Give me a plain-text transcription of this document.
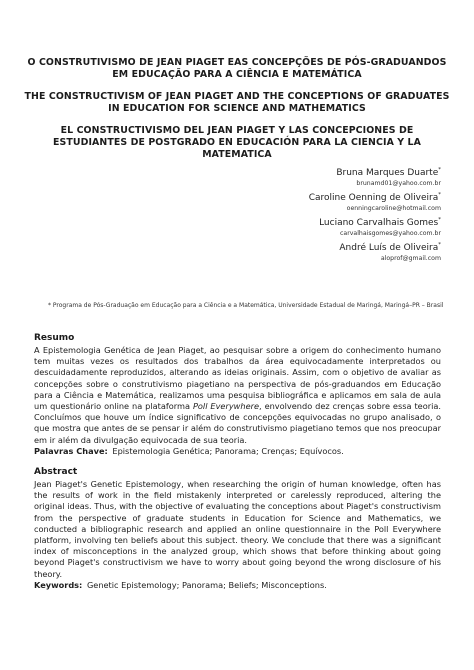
O CONSTRUTIVISMO DE JEAN PIAGET EAS CONCEPÇÕES DE PÓS-GRADUANDOS EM EDUCAÇÃO PARA A CIÊNCIA E MATEMÁTICA
THE CONSTRUCTIVISM OF JEAN PIAGET AND THE CONCEPTIONS OF GRADUATES IN EDUCATION FOR SCIENCE AND MATHEMATICS
EL CONSTRUCTIVISMO DEL JEAN PIAGET Y LAS CONCEPCIONES DE ESTUDIANTES DE POSTGRADO EN EDUCACIÓN PARA LA CIENCIA Y LA MATEMATICA
Bruna Marques Duarte*
brunamd01@yahoo.com.br
Caroline Oenning de Oliveira*
oenningcaroline@hotmail.com
Luciano Carvalhais Gomes*
carvalhaisgomes@yahoo.com.br
André Luís de Oliveira*
aloprof@gmail.com
* Programa de Pós-Graduação em Educação para a Ciência e a Matemática, Universidade Estadual de Maringá, Maringá–PR – Brasil
Resumo
A Epistemologia Genética de Jean Piaget, ao pesquisar sobre a origem do conhecimento humano tem muitas vezes os resultados dos trabalhos da área equivocadamente interpretados ou descuidadamente reproduzidos, alterando as ideias originais. Assim, com o objetivo de avaliar as concepções sobre o construtivismo piagetiano na perspectiva de pós-graduandos em Educação para a Ciência e Matemática, realizamos uma pesquisa bibliográfica e aplicamos em sala de aula um questionário online na plataforma Poll Everywhere, envolvendo dez crenças sobre essa teoria. Concluímos que houve um índice significativo de concepções equivocadas no grupo analisado, o que mostra que antes de se pensar ir além do construtivismo piagetiano temos que nos preocupar em ir além da divulgação equivocada de sua teoria.
Palavras Chave: Epistemologia Genética; Panorama; Crenças; Equívocos.
Abstract
Jean Piaget's Genetic Epistemology, when researching the origin of human knowledge, often has the results of work in the field mistakenly interpreted or carelessly reproduced, altering the original ideas. Thus, with the objective of evaluating the conceptions about Piaget's constructivism from the perspective of graduate students in Education for Science and Mathematics, we conducted a bibliographic research and applied an online questionnaire in the Poll Everywhere platform, involving ten beliefs about this subject. theory. We conclude that there was a significant index of misconceptions in the analyzed group, which shows that before thinking about going beyond Piaget's constructivism we have to worry about going beyond the wrong disclosure of his theory.
Keywords: Genetic Epistemology; Panorama; Beliefs; Misconceptions.
